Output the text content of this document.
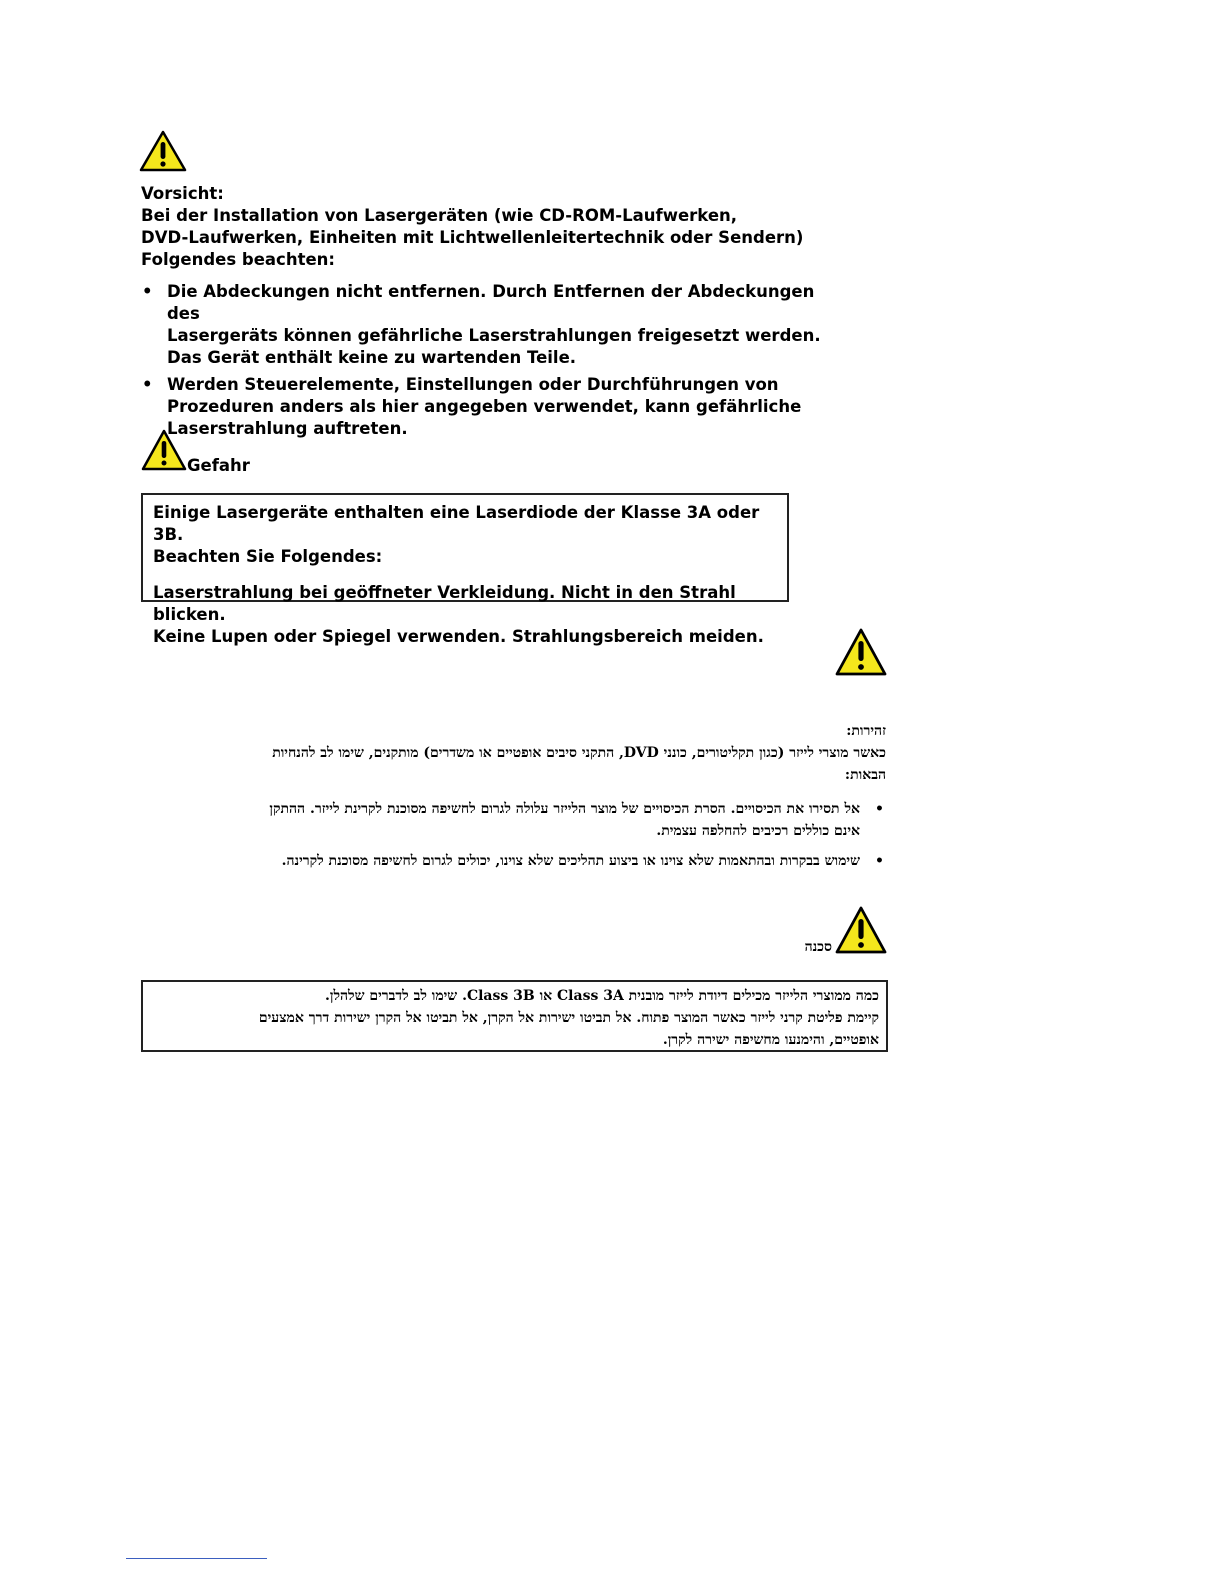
Vorsicht:

Bei der Installation von Lasergeräten (wie CD-ROM-Laufwerken,
DVD-Laufwerken, Einheiten mit Lichtwellenleitertechnik oder Sendern)
Folgendes beachten:

• Die Abdeckungen nicht entfernen. Durch Entfernen der Abdeckungen des
Lasergeräts können gefährliche Laserstrahlungen freigesetzt werden.
Das Gerät enthält keine zu wartenden Teile.
• Werden Steuerelemente, Einstellungen oder Durchführungen von
Prozeduren anders als hier angegeben verwendet, kann gefährliche
Laserstrahlung auftreten.
Gefahr

Einige Lasergeräte enthalten eine Laserdiode der Klasse 3A oder 3B.
Beachten Sie Folgendes:

Laserstrahlung bei geöffneter Verkleidung. Nicht in den Strahl blicken.
Keine Lupen oder Spiegel verwenden. Strahlungsbereich meiden.

זהירות:

כאשר מוצרי לייזר (כגון תקליטורים, כונני DVD, התקני סיבים אופטיים או משדרים) מותקנים, שימו לב להנחיות
הבאות:

• אל תסירו את הכיסויים. הסרת הכיסויים של מוצר הלייזר עלולה לגרום לחשיפה מסוכנת לקרינת לייזר. ההתקן
אינם כוללים רכיבים להחלפה עצמית.
• שימוש בבקרות ובהתאמות שלא צוינו או ביצוע תהליכים שלא צוינו, יכולים לגרום לחשיפה מסוכנת לקרינה.
סכנה

כמה ממוצרי הלייזר מכילים דיודת לייזר מובנית Class 3A או Class 3B. שימו לב לדברים שלהלן.
קיימת פליטת קרני לייזר כאשר המוצר פתוח. אל תביטו ישירות אל הקרן, אל תביטו אל הקרן ישירות דרך אמצעים
אופטיים, והימנעו מחשיפה ישירה לקרן.
